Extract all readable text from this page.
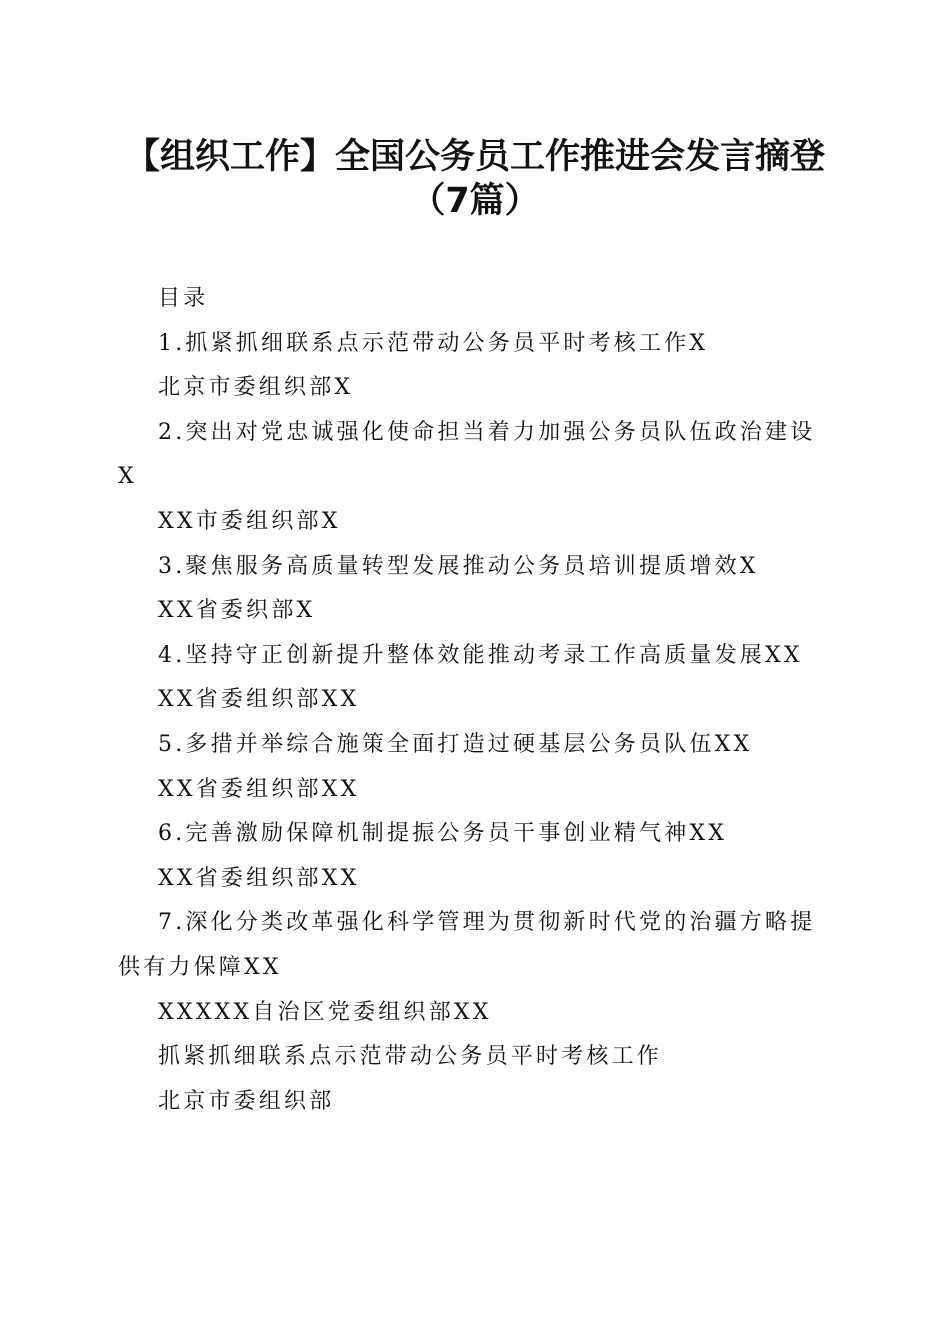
【组织工作】全国公务员工作推进会发言摘登
（7篇）

目录

1.抓紧抓细联系点示范带动公务员平时考核工作X

北京市委组织部X

2.突出对党忠诚强化使命担当着力加强公务员队伍政治建设X

XX市委组织部X

3.聚焦服务高质量转型发展推动公务员培训提质增效X

XX省委织部X

4.坚持守正创新提升整体效能推动考录工作高质量发展XX

XX省委组织部XX

5.多措并举综合施策全面打造过硬基层公务员队伍XX

XX省委组织部XX

6.完善激励保障机制提振公务员干事创业精气神XX

XX省委组织部XX

7.深化分类改革强化科学管理为贯彻新时代党的治疆方略提供有力保障XX

XXXXX自治区党委组织部XX

抓紧抓细联系点示范带动公务员平时考核工作

北京市委组织部
